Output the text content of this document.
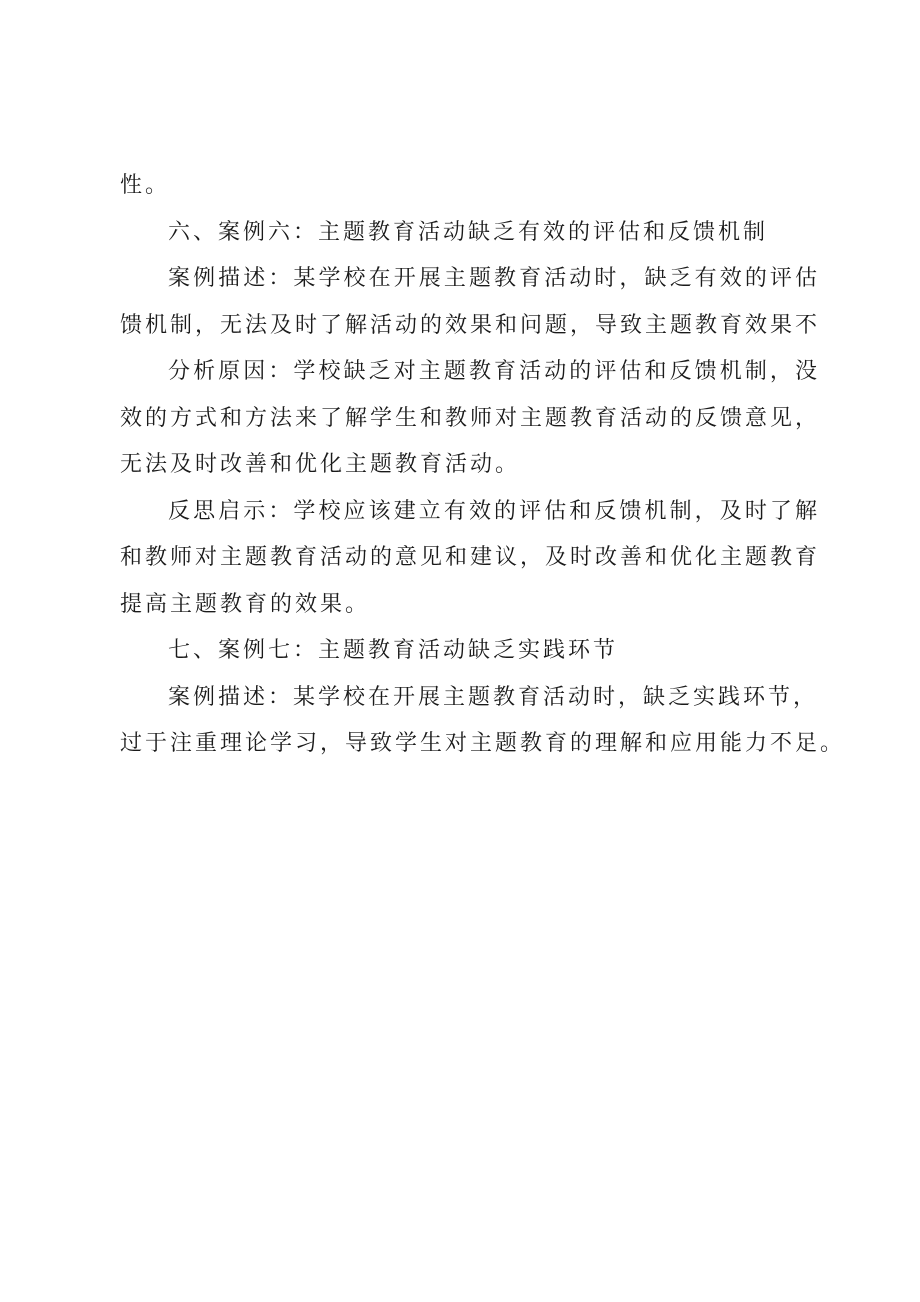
性。
六、案例六：主题教育活动缺乏有效的评估和反馈机制
案例描述：某学校在开展主题教育活动时，缺乏有效的评估
馈机制，无法及时了解活动的效果和问题，导致主题教育效果不
分析原因：学校缺乏对主题教育活动的评估和反馈机制，没
效的方式和方法来了解学生和教师对主题教育活动的反馈意见，
无法及时改善和优化主题教育活动。
反思启示：学校应该建立有效的评估和反馈机制，及时了解
和教师对主题教育活动的意见和建议，及时改善和优化主题教育
提高主题教育的效果。
七、案例七：主题教育活动缺乏实践环节
案例描述：某学校在开展主题教育活动时，缺乏实践环节，
过于注重理论学习，导致学生对主题教育的理解和应用能力不足。
